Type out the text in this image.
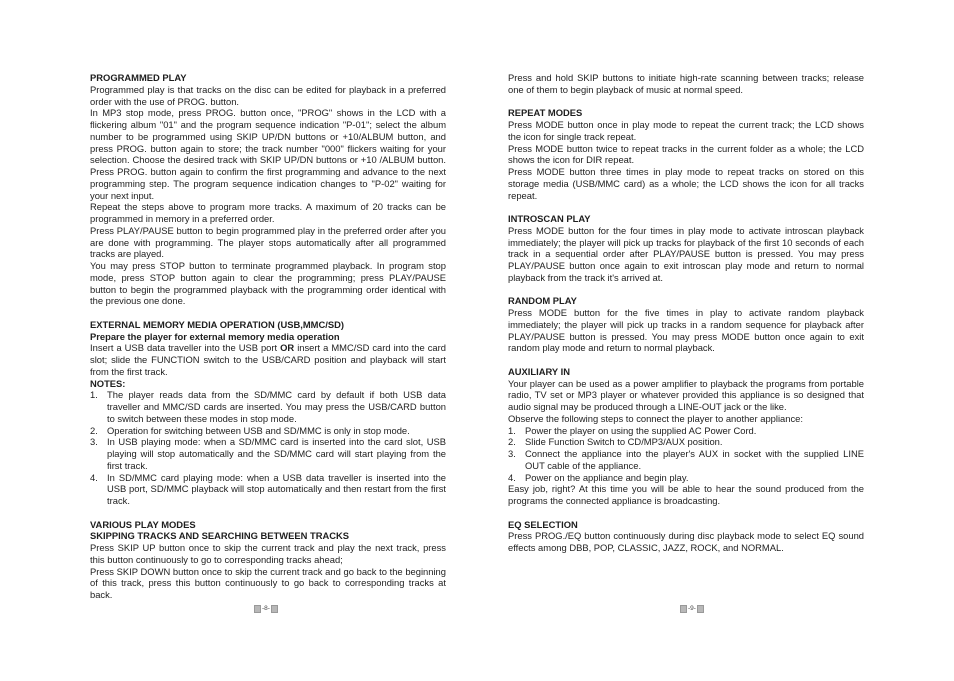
PROGRAMMED PLAY

Programmed play is that tracks on the disc can be edited for playback in a preferred order with the use of PROG. button.

In MP3 stop mode, press PROG. button once, "PROG" shows in the LCD with a flickering album "01" and the program sequence indication "P-01"; select the album number to be programmed using SKIP UP/DN buttons or +10/ALBUM button, and press PROG. button again to store; the track number "000" flickers waiting for your selection. Choose the desired track with SKIP UP/DN buttons or +10 /ALBUM button. Press PROG. button again to confirm the first programming and advance to the next programming step. The program sequence indication changes to "P-02" waiting for your next input.

Repeat the steps above to program more tracks. A maximum of 20 tracks can be programmed in memory in a preferred order.

Press PLAY/PAUSE button to begin programmed play in the preferred order after you are done with programming. The player stops automatically after all programmed tracks are played.

You may press STOP button to terminate programmed playback. In program stop mode, press STOP button again to clear the programming; press PLAY/PAUSE button to begin the programmed playback with the programming order identical with the previous one done.

EXTERNAL MEMORY MEDIA OPERATION (USB,MMC/SD)

Prepare the player for external memory media operation

Insert a USB data traveller into the USB port OR insert a MMC/SD card into the card slot; slide the FUNCTION switch to the USB/CARD position and playback will start from the first track.

NOTES:

1. The player reads data from the SD/MMC card by default if both USB data traveller and MMC/SD cards are inserted. You may press the USB/CARD button to switch between these modes in stop mode.
2. Operation for switching between USB and SD/MMC is only in stop mode.
3. In USB playing mode: when a SD/MMC card is inserted into the card slot, USB playing will stop automatically and the SD/MMC card will start playing from the first track.
4. In SD/MMC card playing mode: when a USB data traveller is inserted into the USB port, SD/MMC playback will stop automatically and then restart from the first track.

VARIOUS PLAY MODES

SKIPPING TRACKS AND SEARCHING BETWEEN TRACKS

Press SKIP UP button once to skip the current track and play the next track, press this button continuously to go to corresponding tracks ahead;

Press SKIP DOWN button once to skip the current track and go back to the beginning of this track, press this button continuously to go back to corresponding tracks at back.

-8-

Press and hold SKIP buttons to initiate high-rate scanning between tracks; release one of them to begin playback of music at normal speed.

REPEAT MODES

Press MODE button once in play mode to repeat the current track; the LCD shows the icon for single track repeat.

Press MODE button twice to repeat tracks in the current folder as a whole; the LCD shows the icon for DIR repeat.

Press MODE button three times in play mode to repeat tracks on stored on this storage media (USB/MMC card) as a whole; the LCD shows the icon for all tracks repeat.

INTROSCAN PLAY

Press MODE button for the four times in play mode to activate introscan playback immediately; the player will pick up tracks for playback of the first 10 seconds of each track in a sequential order after PLAY/PAUSE button is pressed. You may press PLAY/PAUSE button once again to exit introscan play mode and return to normal playback from the track it's arrived at.

RANDOM PLAY

Press MODE button for the five times in play to activate random playback immediately; the player will pick up tracks in a random sequence for playback after PLAY/PAUSE button is pressed. You may press MODE button once again to exit random play mode and return to normal playback.

AUXILIARY IN

Your player can be used as a power amplifier to playback the programs from portable radio, TV set or MP3 player or whatever provided this appliance is so designed that audio signal may be produced through a LINE-OUT jack or the like.

Observe the following steps to connect the player to another appliance:

1. Power the player on using the supplied AC Power Cord.
2. Slide Function Switch to CD/MP3/AUX position.
3. Connect the appliance into the player's AUX in socket with the supplied LINE OUT cable of the appliance.
4. Power on the appliance and begin play.

Easy job, right? At this time you will be able to hear the sound produced from the programs the connected appliance is broadcasting.

EQ SELECTION

Press PROG./EQ button continuously during disc playback mode to select EQ sound effects among DBB, POP, CLASSIC, JAZZ, ROCK, and NORMAL.

-9-
